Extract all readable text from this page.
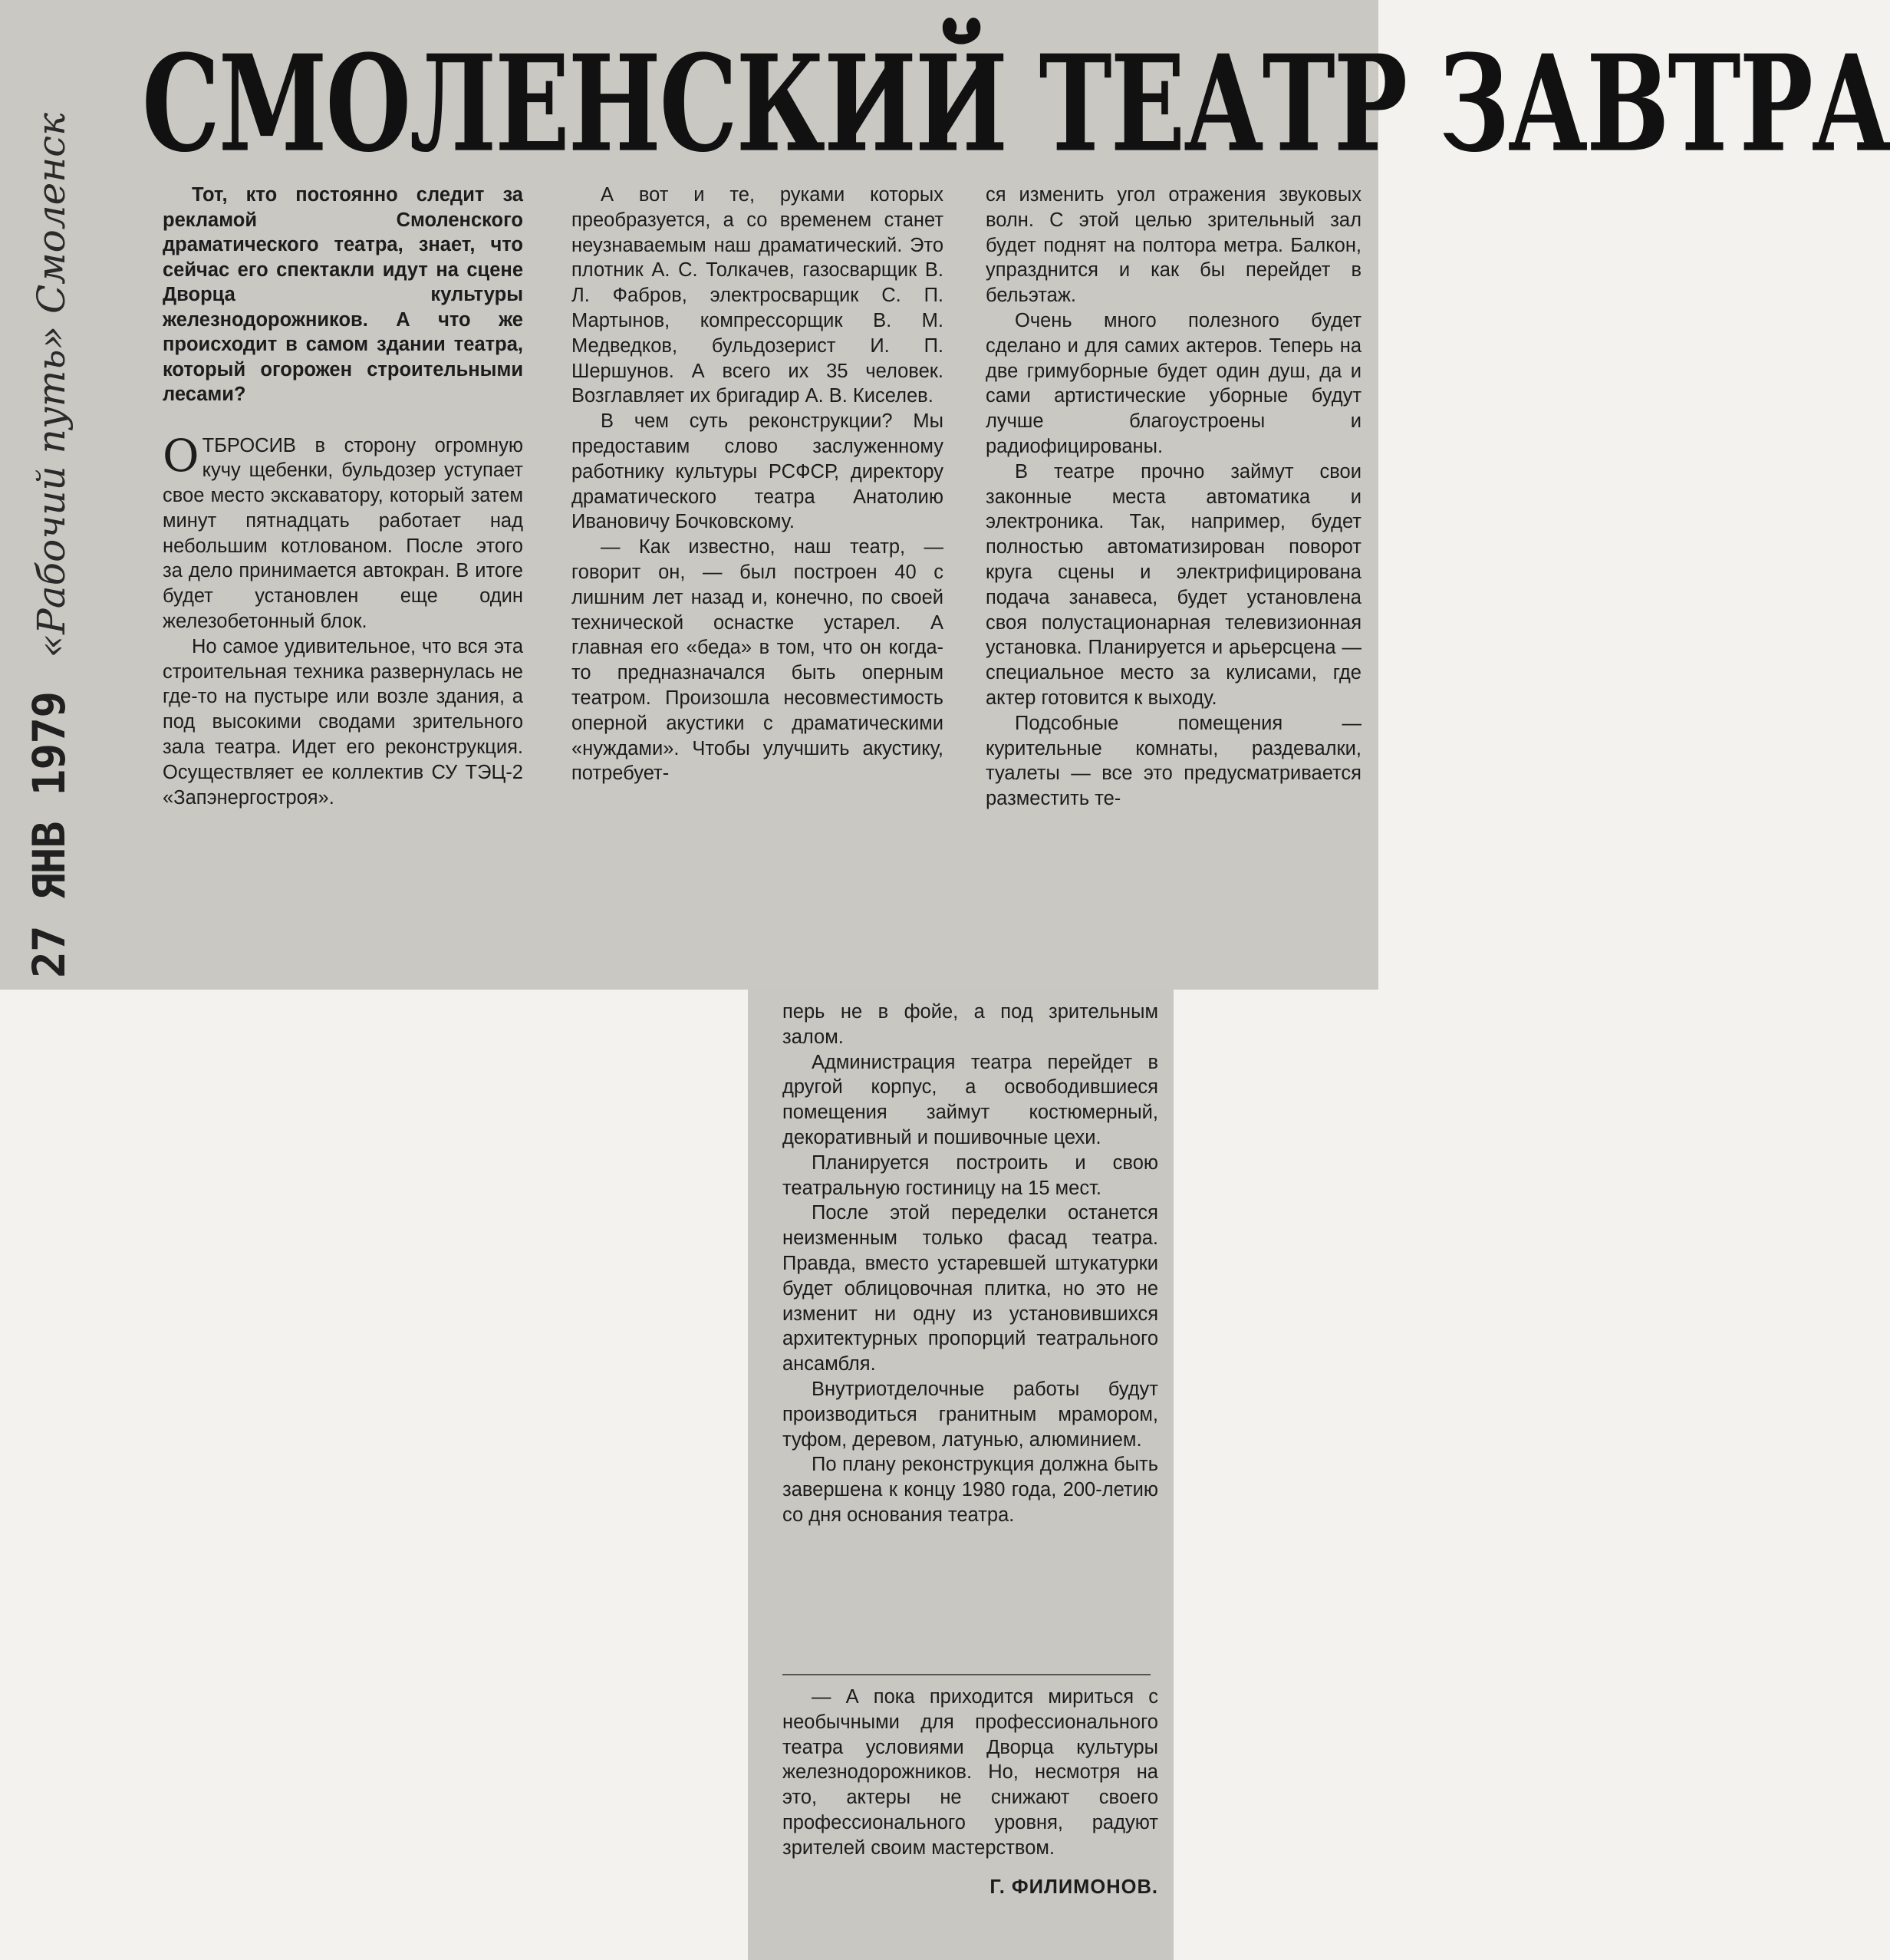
СМОЛЕНСКИЙ ТЕАТР ЗАВТРА
27 ЯНВ 1979 «Рабочий путь» Смоленск	Тот, кто постоянно следит за рекламой Смоленского драматического театра, знает, что сейчас его спектакли идут на сцене Дворца культуры железнодорожников. А что же происходит в самом здании театра, который огорожен строительными лесами?

ОТБРОСИВ в сторону огромную кучу щебенки, бульдозер уступает свое место экскаватору, который затем минут пятнадцать работает над небольшим котлованом. После этого за дело принимается автокран. В итоге будет установлен еще один железобетонный блок.

Но самое удивительное, что вся эта строительная техника развернулась не где-то на пустыре или возле здания, а под высокими сводами зрительного зала театра. Идет его реконструкция. Осуществляет ее коллектив СУ ТЭЦ-2 «Запэнергостроя».

А вот и те, руками которых преобразуется, а со временем станет неузнаваемым наш драматический. Это плотник А. С. Толкачев, газосварщик В. Л. Фабров, электросварщик С. П. Мартынов, компрессорщик В. М. Медведков, бульдозерист И. П. Шершунов. А всего их 35 человек. Возглавляет их бригадир А. В. Киселев.

В чем суть реконструкции? Мы предоставим слово заслуженному работнику культуры РСФСР, директору драматического театра Анатолию Ивановичу Бочковскому.

— Как известно, наш театр, — говорит он, — был построен 40 с лишним лет назад и, конечно, по своей технической оснастке устарел. А главная его «беда» в том, что он когда-то предназначался быть оперным театром. Произошла несовместимость оперной акустики с драматическими «нуждами». Чтобы улучшить акустику, потребует-

ся изменить угол отражения звуковых волн. С этой целью зрительный зал будет поднят на полтора метра. Балкон, упразднится и как бы перейдет в бельэтаж.

Очень много полезного будет сделано и для самих актеров. Теперь на две гримуборные будет один душ, да и сами артистические уборные будут лучше благоустроены и радиофицированы.

В театре прочно займут свои законные места автоматика и электроника. Так, например, будет полностью автоматизирован поворот круга сцены и электрифицирована подача занавеса, будет установлена своя полустационарная телевизионная установка. Планируется и арьерсцена — специальное место за кулисами, где актер готовится к выходу.

Подсобные помещения — курительные комнаты, раздевалки, туалеты — все это предусматривается разместить те-

перь не в фойе, а под зрительным залом.

Администрация театра перейдет в другой корпус, а освободившиеся помещения займут костюмерный, декоративный и пошивочные цехи.

Планируется построить и свою театральную гостиницу на 15 мест.

После этой переделки останется неизменным только фасад театра. Правда, вместо устаревшей штукатурки будет облицовочная плитка, но это не изменит ни одну из установившихся архитектурных пропорций театрального ансамбля.

Внутриотделочные работы будут производиться гранитным мрамором, туфом, деревом, латунью, алюминием.

По плану реконструкция должна быть завершена к концу 1980 года, 200-летию со дня основания театра.

— А пока приходится мириться с необычными для профессионального театра условиями Дворца культуры железнодорожников. Но, несмотря на это, актеры не снижают своего профессионального уровня, радуют зрителей своим мастерством.

Г. ФИЛИМОНОВ.
